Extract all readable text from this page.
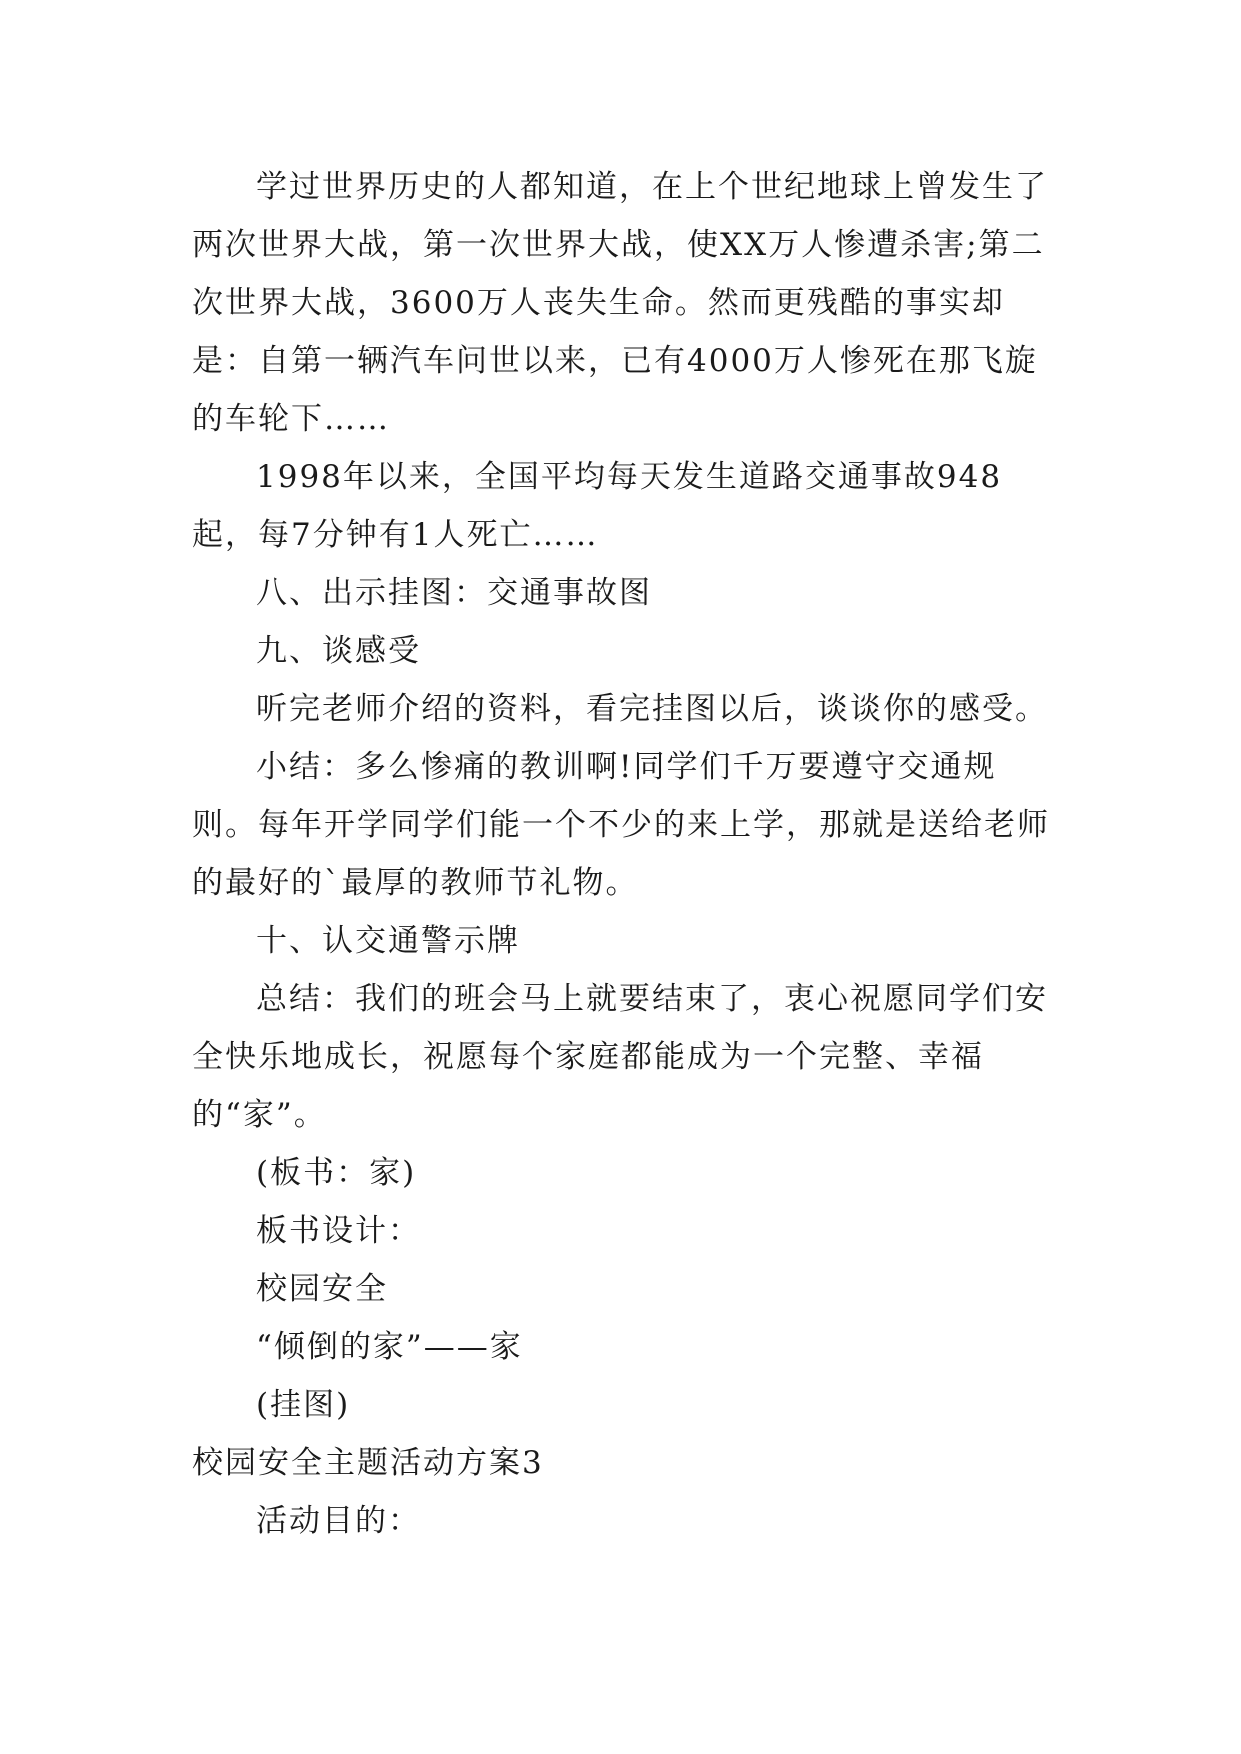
学过世界历史的人都知道，在上个世纪地球上曾发生了两次世界大战，第一次世界大战，使XX万人惨遭杀害;第二次世界大战，3600万人丧失生命。然而更残酷的事实却是：自第一辆汽车问世以来，已有4000万人惨死在那飞旋的车轮下……

1998年以来，全国平均每天发生道路交通事故948起，每7分钟有1人死亡……

八、出示挂图：交通事故图

九、谈感受

听完老师介绍的资料，看完挂图以后，谈谈你的感受。

小结：多么惨痛的教训啊!同学们千万要遵守交通规则。每年开学同学们能一个不少的来上学，那就是送给老师的最好的`最厚的教师节礼物。

十、认交通警示牌

总结：我们的班会马上就要结束了，衷心祝愿同学们安全快乐地成长，祝愿每个家庭都能成为一个完整、幸福的“家”。

(板书：家)

板书设计：

校园安全

“倾倒的家”——家

(挂图)

校园安全主题活动方案3

活动目的：
